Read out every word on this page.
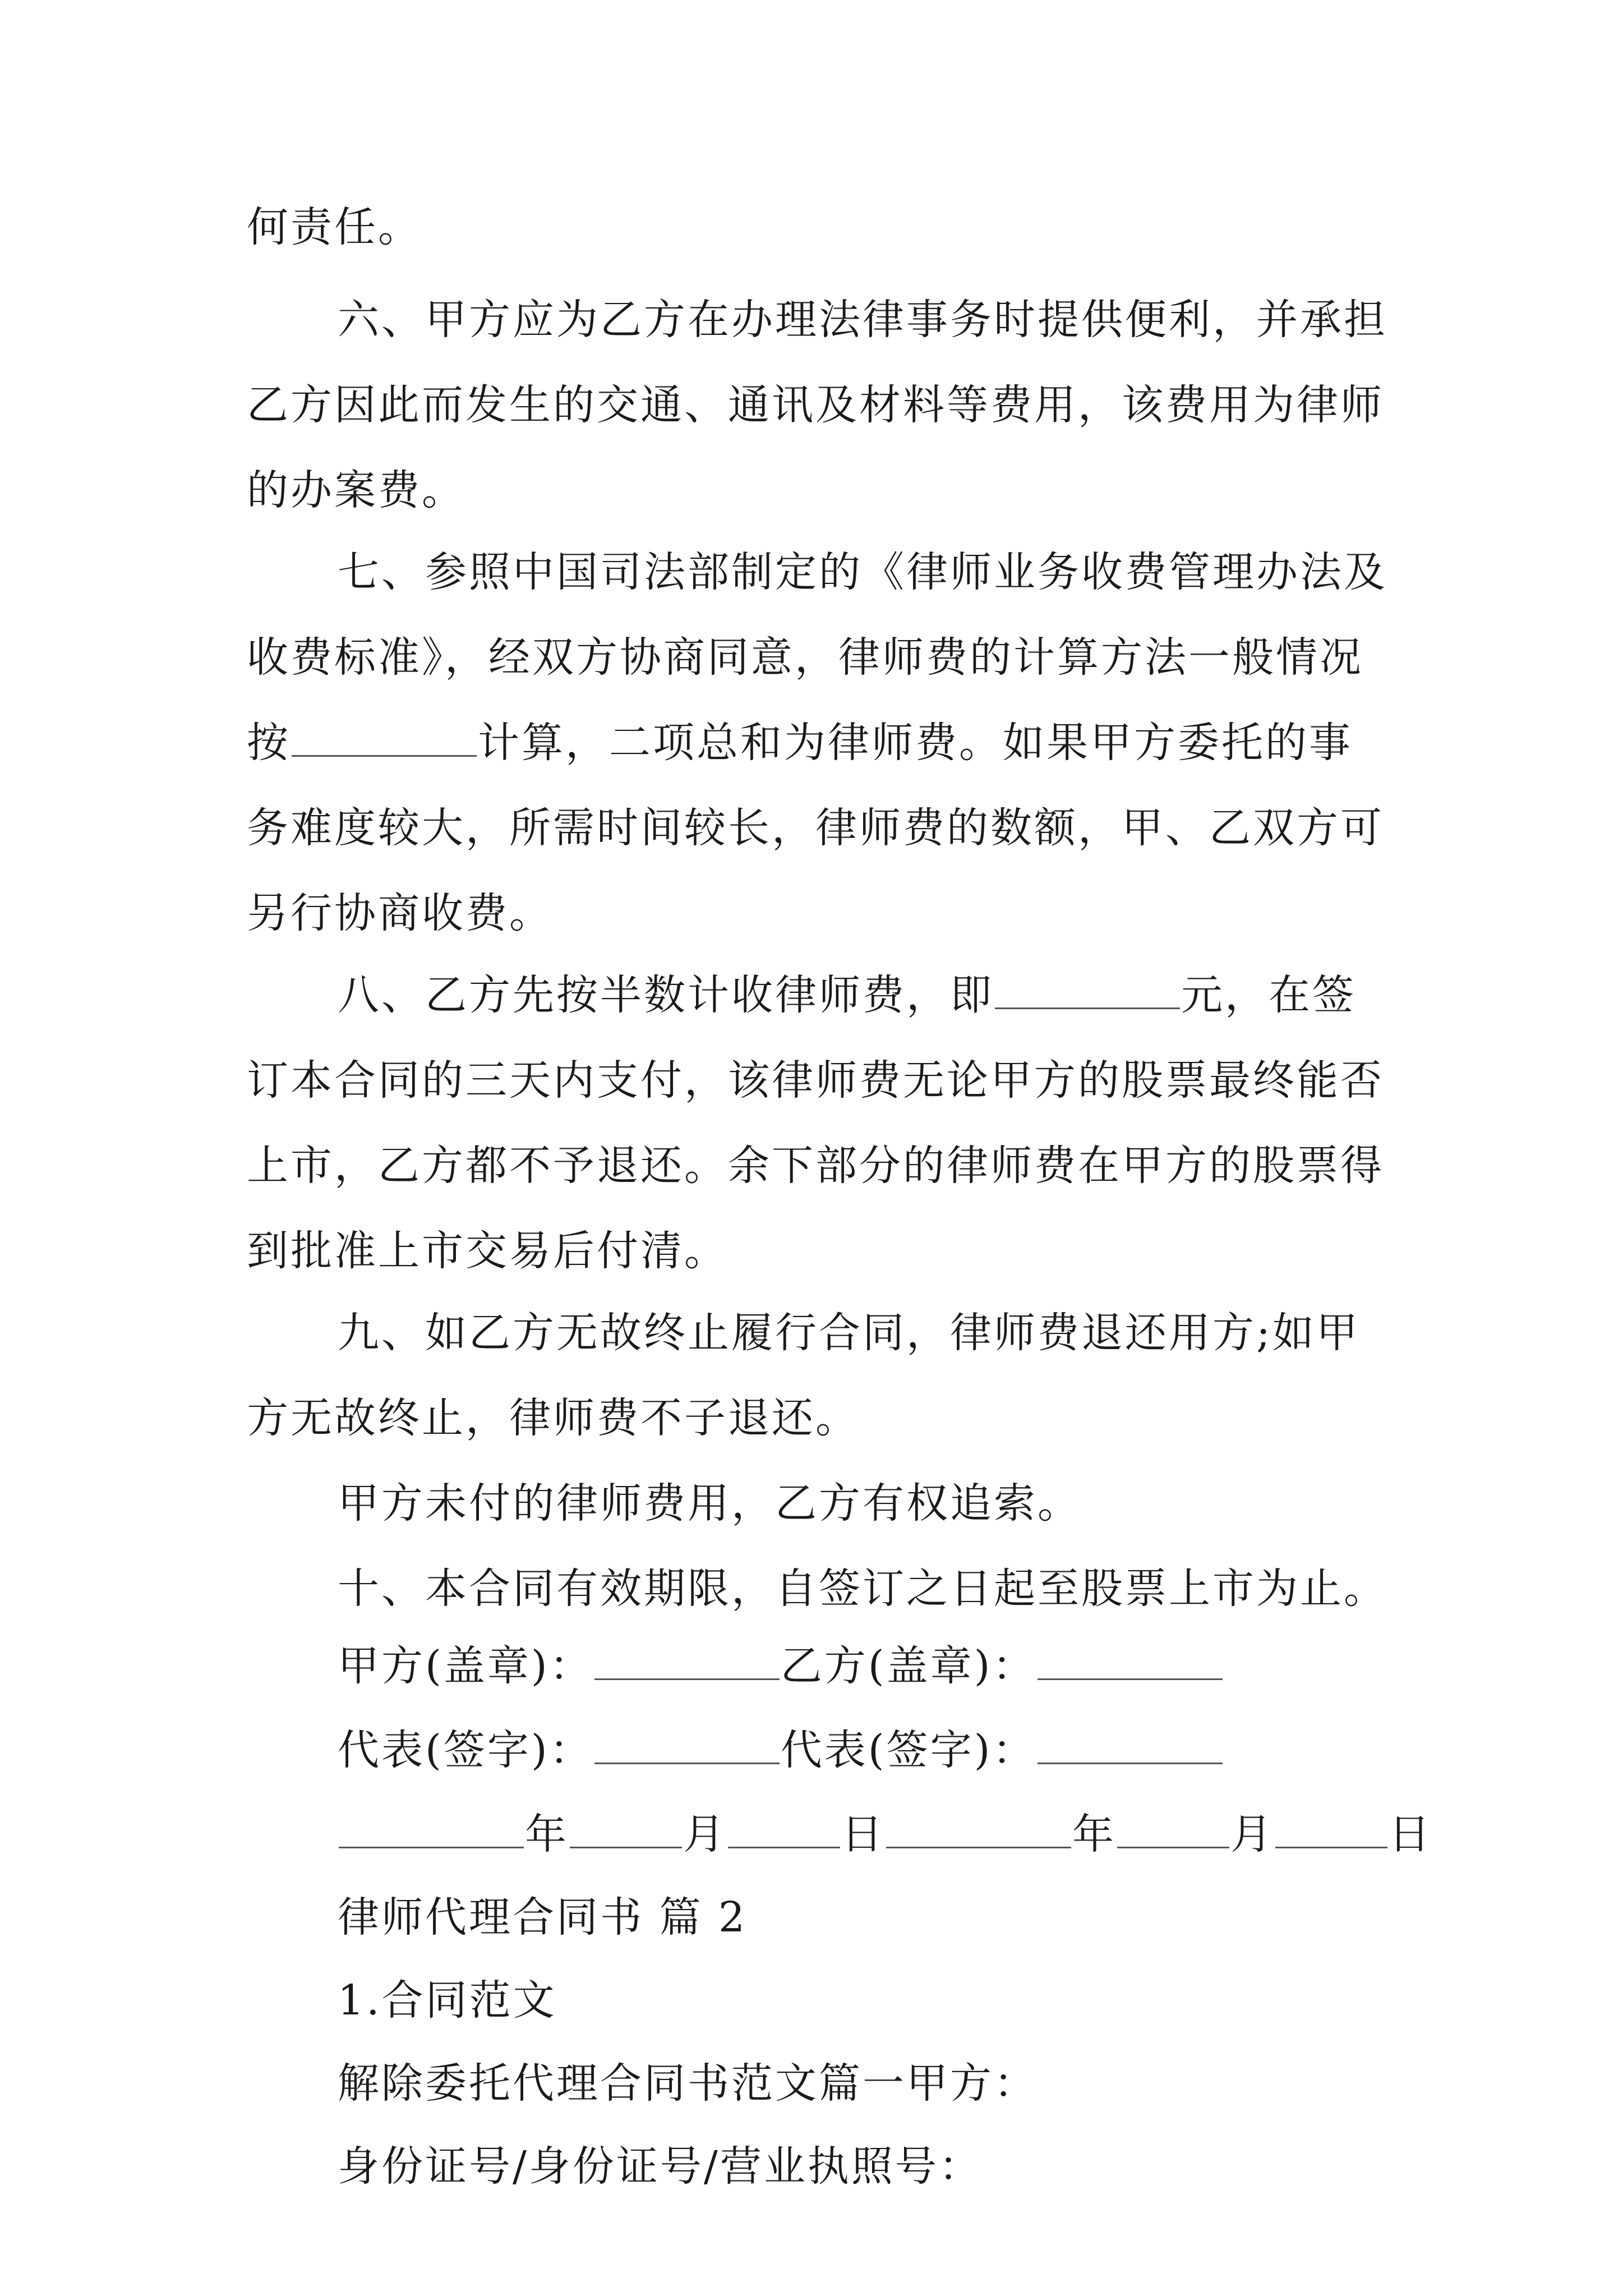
何责任。

六、甲方应为乙方在办理法律事务时提供便利，并承担

乙方因此而发生的交通、通讯及材料等费用，该费用为律师

的办案费。

七、参照中国司法部制定的《律师业务收费管理办法及

收费标准》，经双方协商同意，律师费的计算方法一般情况

按	计算，二项总和为律师费。如果甲方委托的事

务难度较大，所需时间较长，律师费的数额，甲、乙双方可

另行协商收费。

八、乙方先按半数计收律师费，即	元，在签

订本合同的三天内支付，该律师费无论甲方的股票最终能否

上市，乙方都不予退还。余下部分的律师费在甲方的股票得

到批准上市交易后付清。

九、如乙方无故终止履行合同，律师费退还用方;如甲

方无故终止，律师费不子退还。

甲方未付的律师费用，乙方有权追索。

十、本合同有效期限，自签订之日起至股票上市为止。

甲方(盖章)：	乙方(盖章)：

代表(签字)：	代表(签字)：

年	月	日	年	月	日

律师代理合同书 篇 2

1.合同范文

解除委托代理合同书范文篇一甲方：

身份证号/身份证号/营业执照号：
